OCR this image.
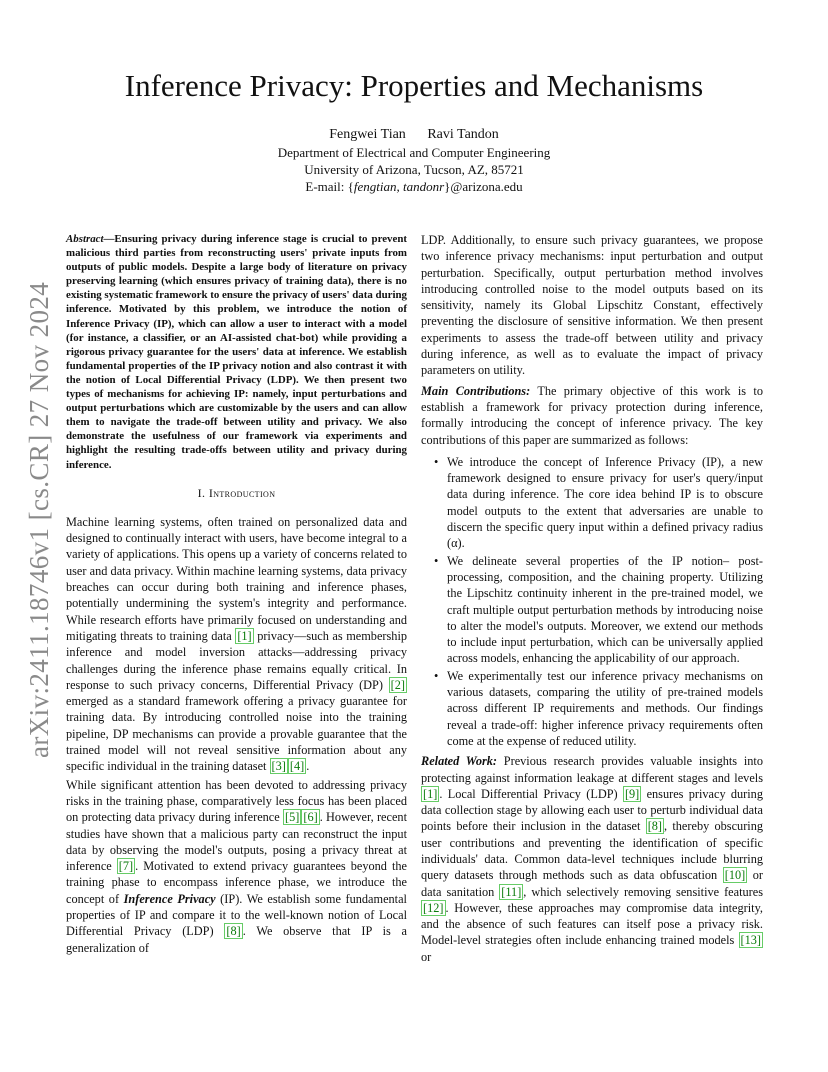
arXiv:2411.18746v1 [cs.CR] 27 Nov 2024
Inference Privacy: Properties and Mechanisms
Fengwei Tian Ravi Tandon
Department of Electrical and Computer Engineering
University of Arizona, Tucson, AZ, 85721
E-mail: {fengtian, tandonr}@arizona.edu

Abstract—Ensuring privacy during inference stage is crucial to prevent malicious third parties from reconstructing users' private inputs from outputs of public models. Despite a large body of literature on privacy preserving learning (which ensures privacy of training data), there is no existing systematic framework to ensure the privacy of users' data during inference. Motivated by this problem, we introduce the notion of Inference Privacy (IP), which can allow a user to interact with a model (for instance, a classifier, or an AI-assisted chat-bot) while providing a rigorous privacy guarantee for the users' data at inference. We establish fundamental properties of the IP privacy notion and also contrast it with the notion of Local Differential Privacy (LDP). We then present two types of mechanisms for achieving IP: namely, input perturbations and output perturbations which are customizable by the users and can allow them to navigate the trade-off between utility and privacy. We also demonstrate the usefulness of our framework via experiments and highlight the resulting trade-offs between utility and privacy during inference.

I. Introduction

Machine learning systems, often trained on personalized data and designed to continually interact with users, have become integral to a variety of applications. This opens up a variety of concerns related to user and data privacy. Within machine learning systems, data privacy breaches can occur during both training and inference phases, potentially undermining the system's integrity and performance. While research efforts have primarily focused on understanding and mitigating threats to training data [1] privacy—such as membership inference and model inversion attacks—addressing privacy challenges during the inference phase remains equally critical. In response to such privacy concerns, Differential Privacy (DP) [2] emerged as a standard framework offering a privacy guarantee for training data. By introducing controlled noise into the training pipeline, DP mechanisms can provide a provable guarantee that the trained model will not reveal sensitive information about any specific individual in the training dataset [3] [4] .

While significant attention has been devoted to addressing privacy risks in the training phase, comparatively less focus has been placed on protecting data privacy during inference [5] [6] . However, recent studies have shown that a malicious party can reconstruct the input data by observing the model's outputs, posing a privacy threat at inference [7] . Motivated to extend privacy guarantees beyond the training phase to encompass inference phase, we introduce the concept of Inference Privacy (IP). We establish some fundamental properties of IP and compare it to the well-known notion of Local Differential Privacy (LDP) [8] . We observe that IP is a generalization of

LDP. Additionally, to ensure such privacy guarantees, we propose two inference privacy mechanisms: input perturbation and output perturbation. Specifically, output perturbation method involves introducing controlled noise to the model outputs based on its sensitivity, namely its Global Lipschitz Constant, effectively preventing the disclosure of sensitive information. We then present experiments to assess the trade-off between utility and privacy during inference, as well as to evaluate the impact of privacy parameters on utility.

Main Contributions: The primary objective of this work is to establish a framework for privacy protection during inference, formally introducing the concept of inference privacy. The key contributions of this paper are summarized as follows:

• We introduce the concept of Inference Privacy (IP), a new framework designed to ensure privacy for user's query/input data during inference. The core idea behind IP is to obscure model outputs to the extent that adversaries are unable to discern the specific query input within a defined privacy radius (α).
• We delineate several properties of the IP notion– post-processing, composition, and the chaining property. Utilizing the Lipschitz continuity inherent in the pre-trained model, we craft multiple output perturbation methods by introducing noise to alter the model's outputs. Moreover, we extend our methods to include input perturbation, which can be universally applied across models, enhancing the applicability of our approach.
• We experimentally test our inference privacy mechanisms on various datasets, comparing the utility of pre-trained models across different IP requirements and methods. Our findings reveal a trade-off: higher inference privacy requirements often come at the expense of reduced utility.

Related Work: Previous research provides valuable insights into protecting against information leakage at different stages and levels [1] . Local Differential Privacy (LDP) [9] ensures privacy during data collection stage by allowing each user to perturb individual data points before their inclusion in the dataset [8] , thereby obscuring user contributions and preventing the identification of specific individuals' data. Common data-level techniques include blurring query datasets through methods such as data obfuscation [10] or data sanitation [11] , which selectively removing sensitive features [12] . However, these approaches may compromise data integrity, and the absence of such features can itself pose a privacy risk. Model-level strategies often include enhancing trained models [13] or
